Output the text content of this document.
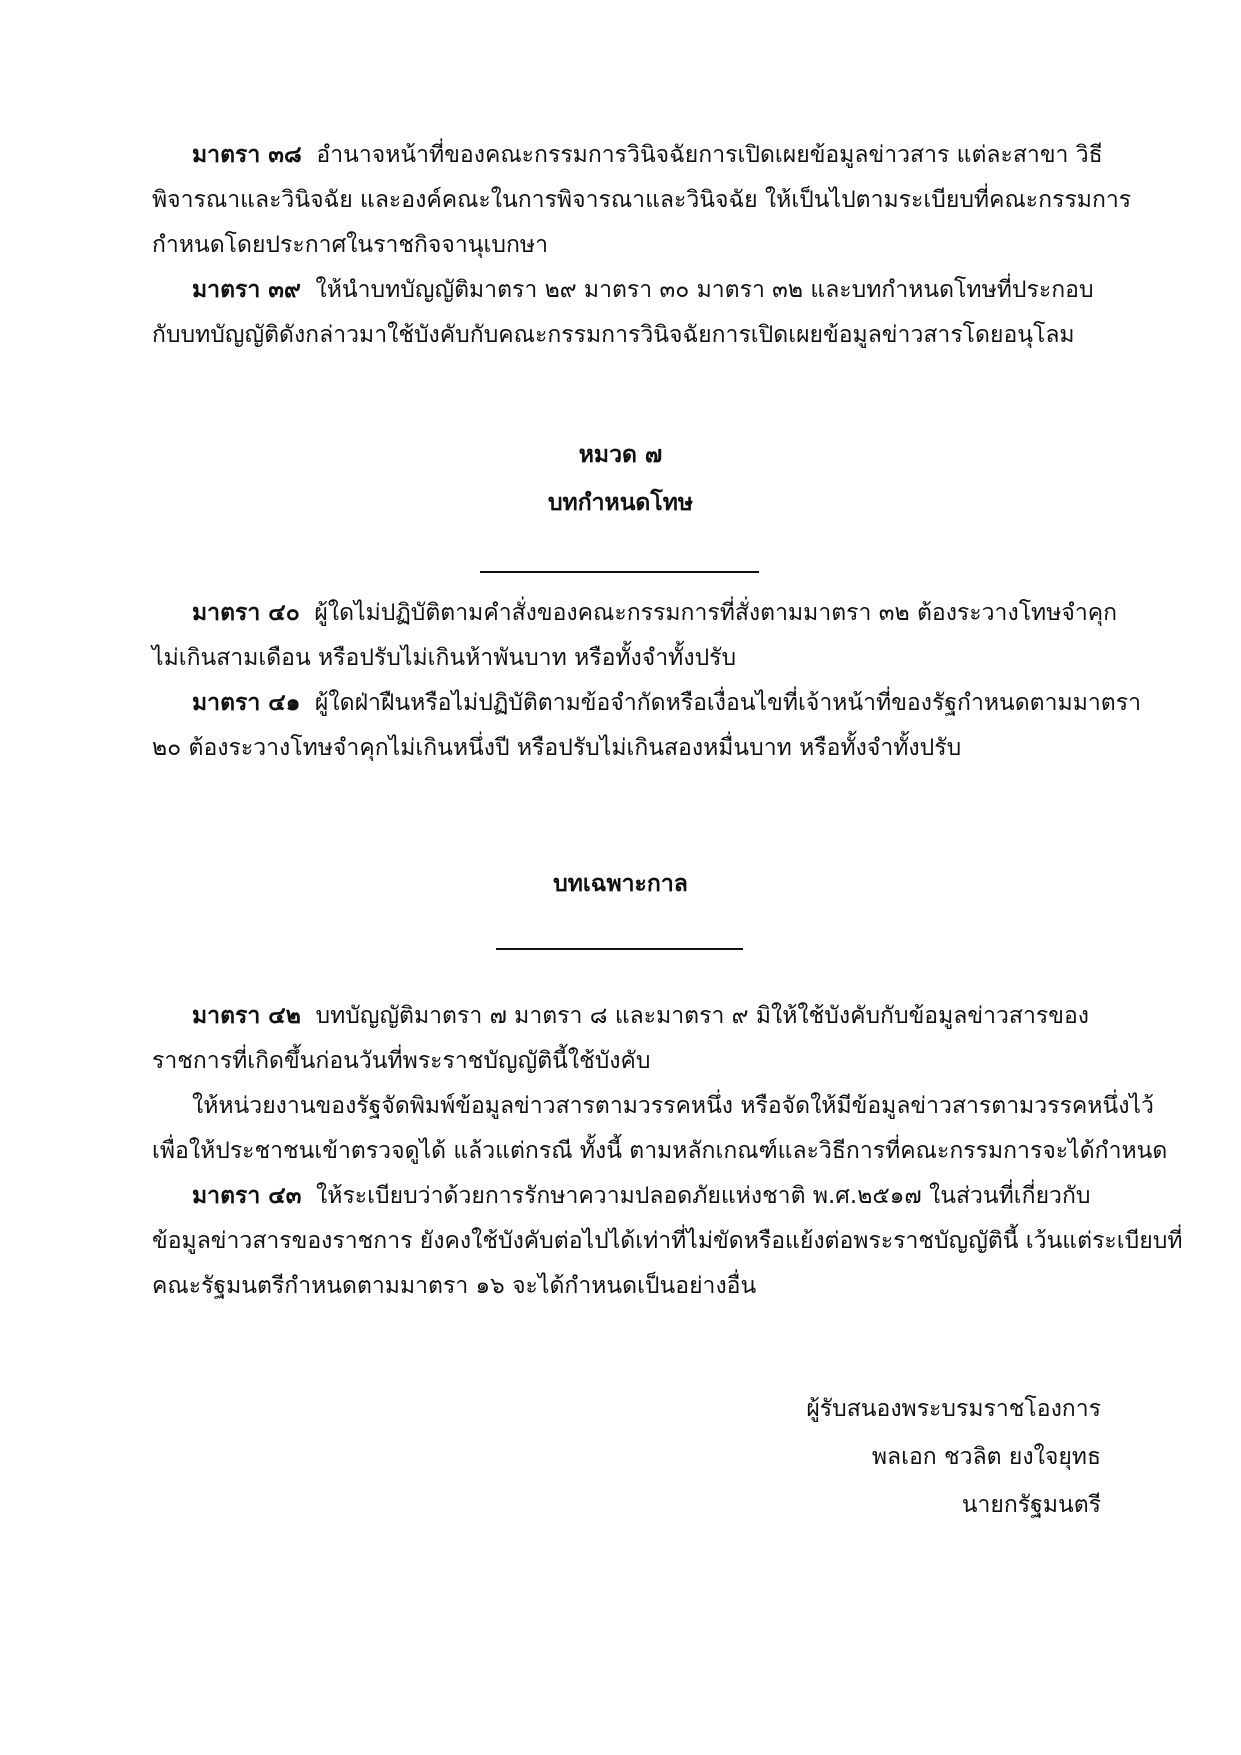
มาตรา ๓๘ อำนาจหน้าที่ของคณะกรรมการวินิจฉัยการเปิดเผยข้อมูลข่าวสาร แต่ละสาขา วิธี
พิจารณาและวินิจฉัย และองค์คณะในการพิจารณาและวินิจฉัย ให้เป็นไปตามระเบียบที่คณะกรรมการ
กำหนดโดยประกาศในราชกิจจานุเบกษา
มาตรา ๓๙ ให้นำบทบัญญัติมาตรา ๒๙ มาตรา ๓๐ มาตรา ๓๒ และบทกำหนดโทษที่ประกอบ
กับบทบัญญัติดังกล่าวมาใช้บังคับกับคณะกรรมการวินิจฉัยการเปิดเผยข้อมูลข่าวสารโดยอนุโลม
หมวด ๗
บทกำหนดโทษ
มาตรา ๔๐ ผู้ใดไม่ปฏิบัติตามคำสั่งของคณะกรรมการที่สั่งตามมาตรา ๓๒ ต้องระวางโทษจำคุก
ไม่เกินสามเดือน หรือปรับไม่เกินห้าพันบาท หรือทั้งจำทั้งปรับ
มาตรา ๔๑ ผู้ใดฝ่าฝืนหรือไม่ปฏิบัติตามข้อจำกัดหรือเงื่อนไขที่เจ้าหน้าที่ของรัฐกำหนดตามมาตรา
๒๐ ต้องระวางโทษจำคุกไม่เกินหนึ่งปี หรือปรับไม่เกินสองหมื่นบาท หรือทั้งจำทั้งปรับ
บทเฉพาะกาล
มาตรา ๔๒ บทบัญญัติมาตรา ๗ มาตรา ๘ และมาตรา ๙ มิให้ใช้บังคับกับข้อมูลข่าวสารของ
ราชการที่เกิดขึ้นก่อนวันที่พระราชบัญญัตินี้ใช้บังคับ
ให้หน่วยงานของรัฐจัดพิมพ์ข้อมูลข่าวสารตามวรรคหนึ่ง หรือจัดให้มีข้อมูลข่าวสารตามวรรคหนึ่งไว้
เพื่อให้ประชาชนเข้าตรวจดูได้ แล้วแต่กรณี ทั้งนี้ ตามหลักเกณฑ์และวิธีการที่คณะกรรมการจะได้กำหนด
มาตรา ๔๓ ให้ระเบียบว่าด้วยการรักษาความปลอดภัยแห่งชาติ พ.ศ.๒๕๑๗ ในส่วนที่เกี่ยวกับ
ข้อมูลข่าวสารของราชการ ยังคงใช้บังคับต่อไปได้เท่าที่ไม่ขัดหรือแย้งต่อพระราชบัญญัตินี้ เว้นแต่ระเบียบที่
คณะรัฐมนตรีกำหนดตามมาตรา ๑๖ จะได้กำหนดเป็นอย่างอื่น
ผู้รับสนองพระบรมราชโองการ
พลเอก ชวลิต ยงใจยุทธ
นายกรัฐมนตรี
